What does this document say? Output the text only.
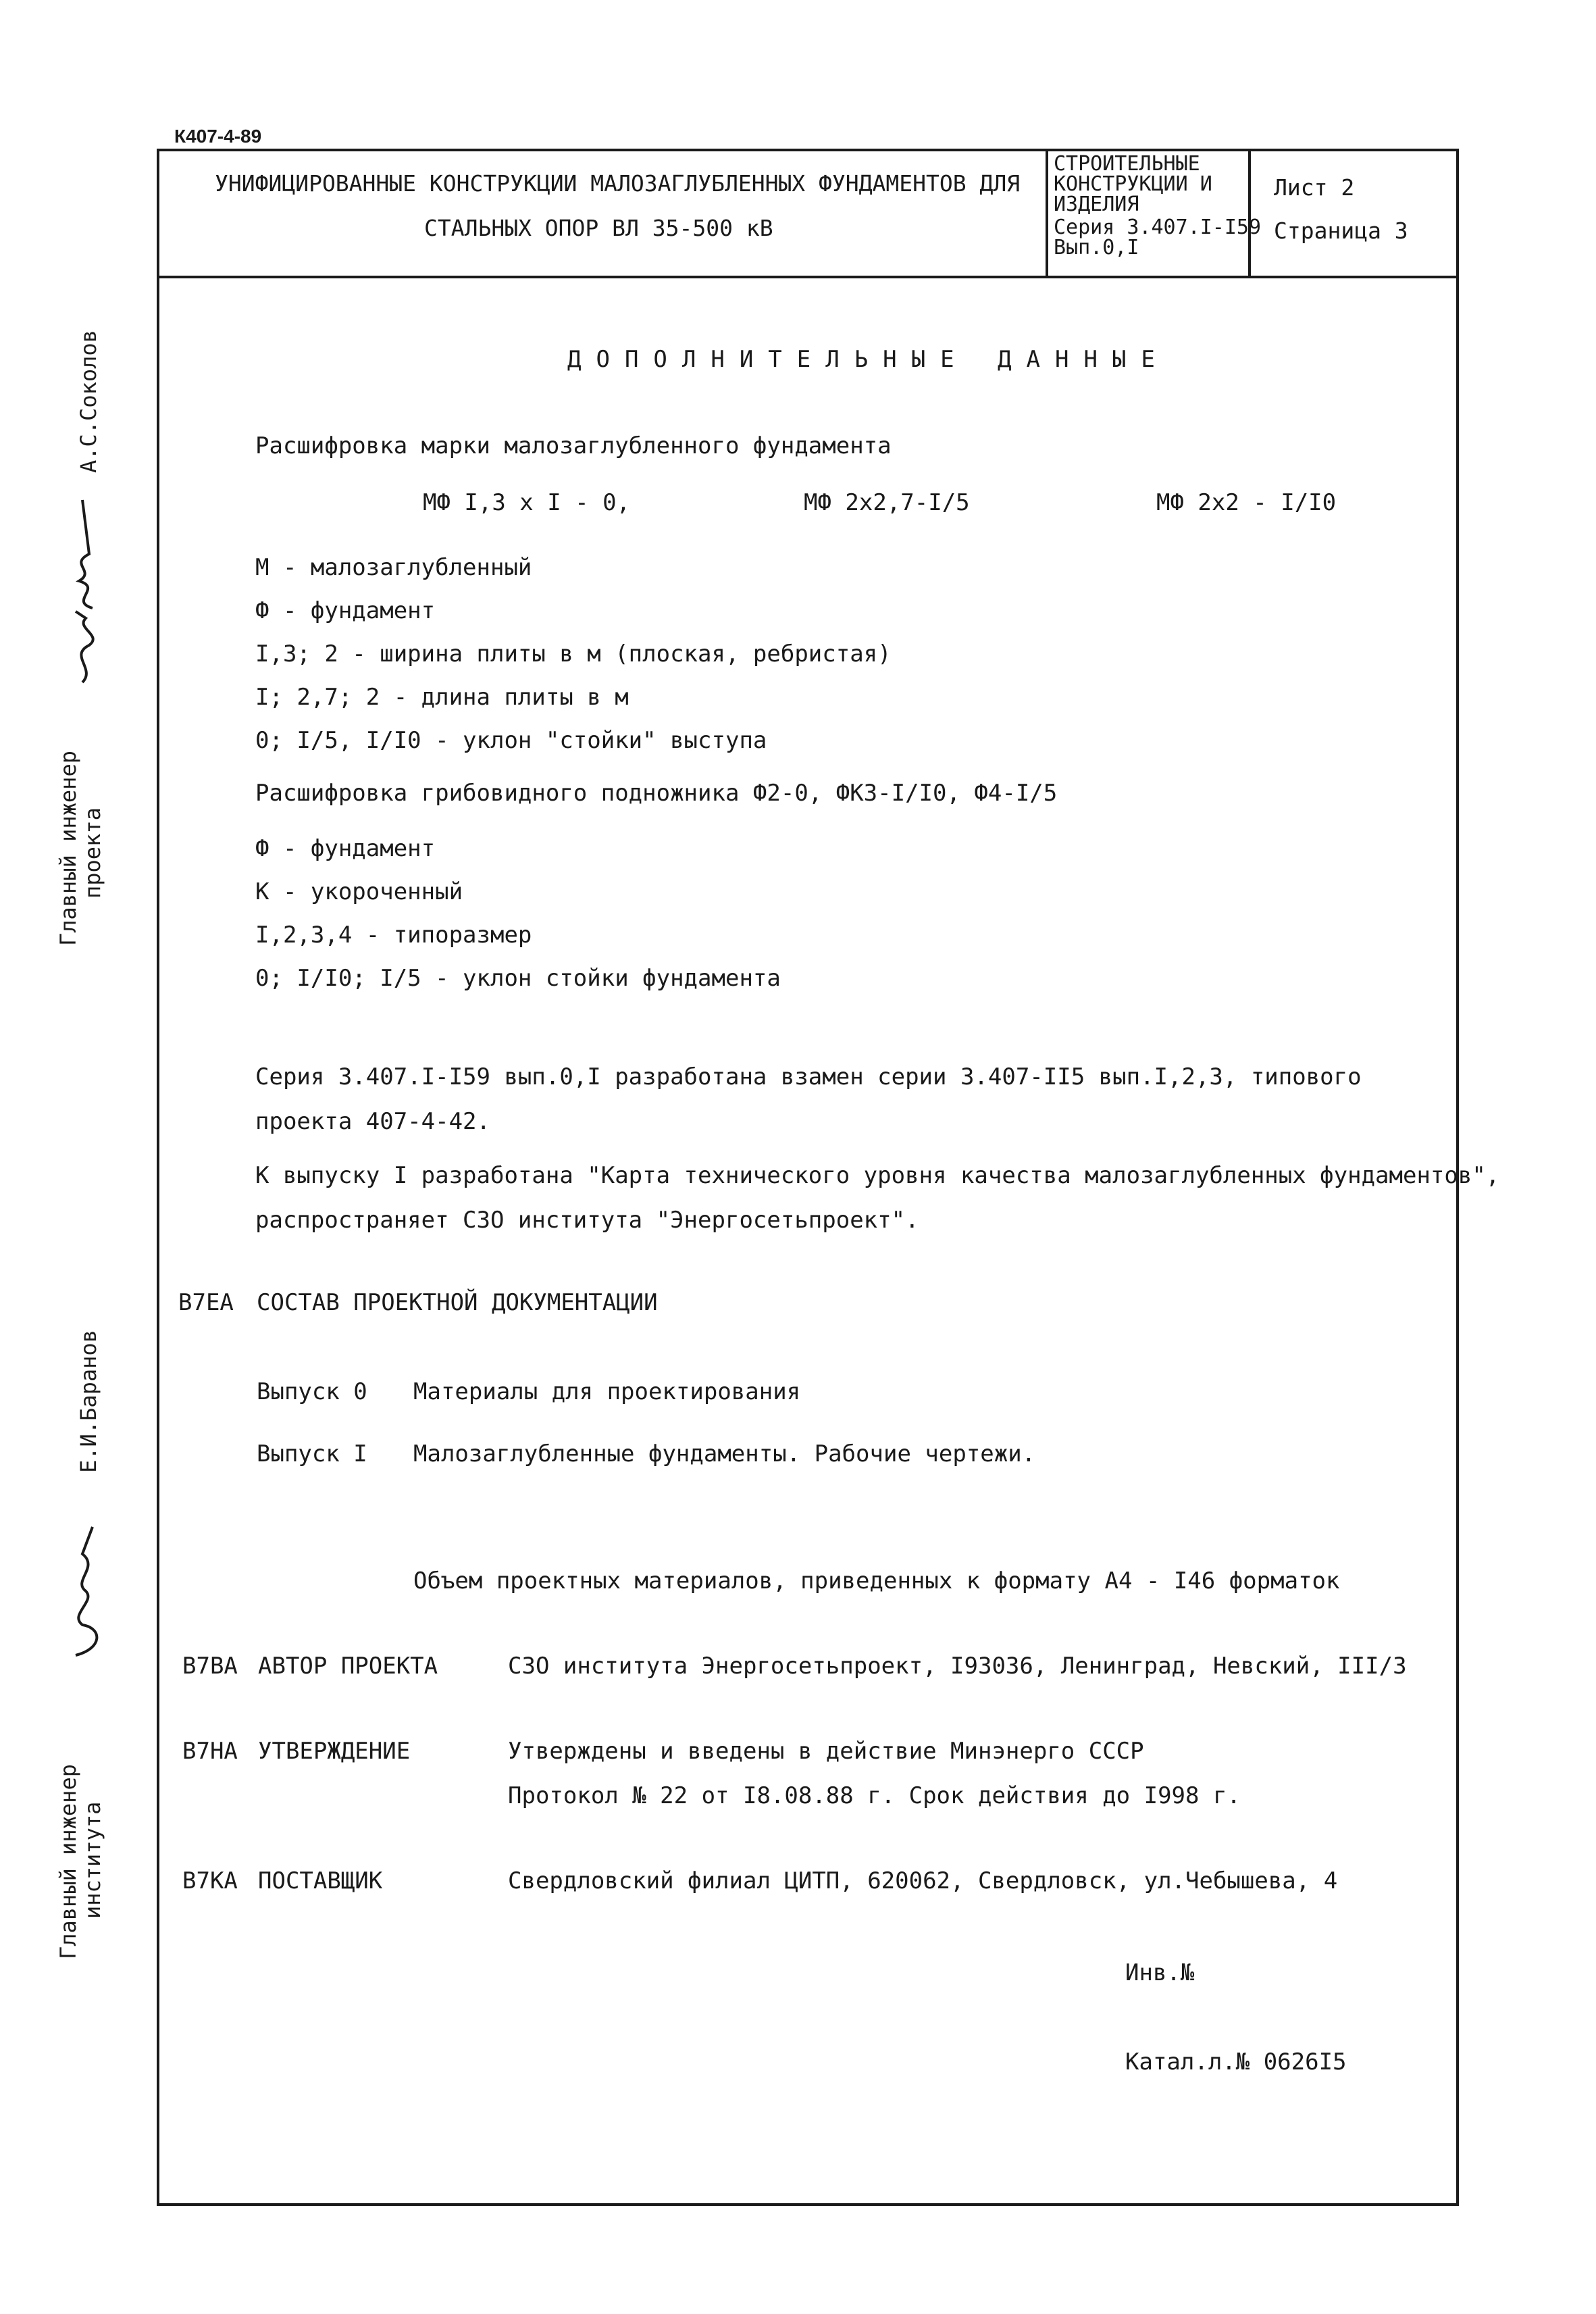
К407-4-89
УНИФИЦИРОВАННЫЕ КОНСТРУКЦИИ МАЛОЗАГЛУБЛЕННЫХ ФУНДАМЕНТОВ ДЛЯ
СТАЛЬНЫХ ОПОР ВЛ 35-500 кВ
СТРОИТЕЛЬНЫЕ
КОНСТРУКЦИИ И
ИЗДЕЛИЯ
Серия 3.407.I-I59
Вып.0,I
Лист 2
Страница 3
А.С.Соколов
Главный инженер
проекта
Е.И.Баранов
Главный инженер
института
ДОПОЛНИТЕЛЬНЫЕ ДАННЫЕ
Расшифровка марки малозаглубленного фундамента
МФ I,3 х I - 0,	МФ 2х2,7-I/5	МФ 2х2 - I/I0
М - малозаглубленный
Ф - фундамент
I,3; 2 - ширина плиты в м (плоская, ребристая)
I; 2,7; 2 - длина плиты в м
0; I/5, I/I0 - уклон "стойки" выступа
Расшифровка грибовидного подножника Ф2-0, ФК3-I/I0, Ф4-I/5
Ф - фундамент
К - укороченный
I,2,3,4 - типоразмер
0; I/I0; I/5 - уклон стойки фундамента
Серия 3.407.I-I59 вып.0,I разработана взамен серии 3.407-II5 вып.I,2,3, типового
проекта 407-4-42.
К выпуску I разработана "Карта технического уровня качества малозаглубленных фундаментов",
распространяет СЗО института "Энергосетьпроект".
В7ЕА СОСТАВ ПРОЕКТНОЙ ДОКУМЕНТАЦИИ
Выпуск 0 Материалы для проектирования
Выпуск I Малозаглубленные фундаменты. Рабочие чертежи.
Объем проектных материалов, приведенных к формату А4 - I46 форматок
В7ВА АВТОР ПРОЕКТА	СЗО института Энергосетьпроект, I93036, Ленинград, Невский, III/3
В7НА УТВЕРЖДЕНИЕ	Утверждены и введены в действие Минэнерго СССР
Протокол № 22 от I8.08.88 г. Срок действия до I998 г.
В7КА ПОСТАВЩИК	Свердловский филиал ЦИТП, 620062, Свердловск, ул.Чебышева, 4
Инв.№
Катал.л.№ 0626I5
